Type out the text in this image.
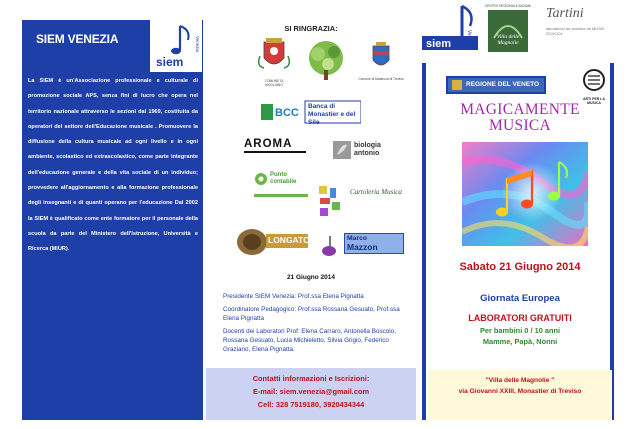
SIEM VENEZIA
siem
Venezia

La SIEM è un'Associazione professionale e culturale di promozione sociale APS, senza fini di lucro che opera nel territorio nazionale attraverso le sezioni dal 1969, costituita da operatori del settore dell'Educazione musicale . Promuovere la diffusione della cultura musicale ad ogni livello e in ogni ambiente, scolastico ed extrascolastico, come parte integrante dell'educazione generale e della vita sociale di un individuo; provvedere all'aggiornamento e alla formazione professionale degli insegnanti e di quanti operano per l'educazione Dal 2002 la SIEM è qualificato come ente formatore per il personale della scuola da parte del Ministero dell'Istruzione, Università e Ricerca (MIUR).

SI RINGRAZIA:
COMUNE DI MOGLIANO
Comune di Mastruza di Treviso
BCC
Banca di Monastier e del Sile
AROMA	biologia antonio
Punto contabile
Cartoleria Musica
LONGATO	Marco
Mazzon
21 Giugno 2014
Presidente SIEM Venezia: Prof.ssa Elena Pignatta
Coordinatore Pedagogico: Prof.ssa Rossana Gesuato, Prof.ssa Elena Pignatta
Docenti dei Laboratori Prof: Elena Carraro, Antonella Boscolo, Rossana Gesuato, Lucia Michieletto, Silvia Grigio, Federico Graziano, Elena Pignatta.
Contatti informazioni e Iscrizioni:
E-mail: siem.venezia@gmail.com
Cell: 328 7519180, 3920434344
siem	Venezia
CENTRO REGIONALE ANZIANI
Villa delle Magnolie
Tartini
laboratorio de sonidos de MUSIC SCHOOL
REGIONE DEL VENETO
ARTI PER LA MUSICA
MAGICAMENTE
MUSICA
Sabato 21 Giugno 2014
Giornata Europea
LABORATORI GRATUITI
Per bambini 0 / 10 anni
Mamme, Papà, Nonni
"Villa delle Magnolie "
via Giovanni XXIII, Monastier di Treviso
